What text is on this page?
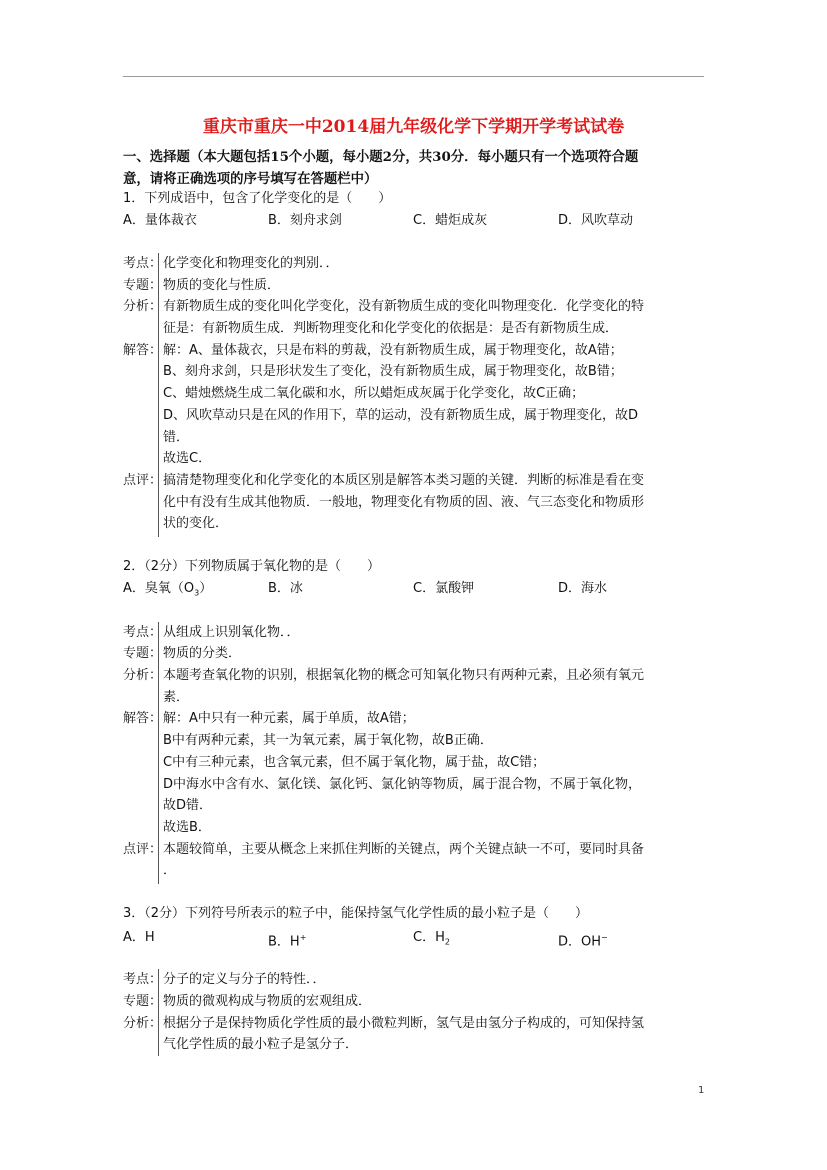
重庆市重庆一中2014届九年级化学下学期开学考试试卷
一、选择题（本大题包括15个小题，每小题2分，共30分．每小题只有一个选项符合题
意，请将正确选项的序号填写在答题栏中）
1．下列成语中，包含了化学变化的是（　　）
A．量体裁衣	B．刻舟求剑	C．蜡炬成灰	D．风吹草动
考点： 化学变化和物理变化的判别．．
专题： 物质的变化与性质．
分析： 有新物质生成的变化叫化学变化，没有新物质生成的变化叫物理变化．化学变化的特
征是：有新物质生成．判断物理变化和化学变化的依据是：是否有新物质生成．
解答： 解：A、量体裁衣，只是布料的剪裁，没有新物质生成，属于物理变化，故A错；
B、刻舟求剑，只是形状发生了变化，没有新物质生成，属于物理变化，故B错；
C、蜡烛燃烧生成二氧化碳和水，所以蜡炬成灰属于化学变化，故C正确；
D、风吹草动只是在风的作用下，草的运动，没有新物质生成，属于物理变化，故D
错．
故选C．
点评： 搞清楚物理变化和化学变化的本质区别是解答本类习题的关键．判断的标准是看在变
化中有没有生成其他物质．一般地，物理变化有物质的固、液、气三态变化和物质形
状的变化．
2．（2分）下列物质属于氧化物的是（　　）
A．臭氧$(O_3)$	B．冰	C．氯酸钾	D．海水
考点： 从组成上识别氧化物．．
专题： 物质的分类．
分析： 本题考查氧化物的识别，根据氧化物的概念可知氧化物只有两种元素，且必须有氧元
素．
解答： 解：A中只有一种元素，属于单质，故A错；
B中有两种元素，其一为氧元素，属于氧化物，故B正确．
C中有三种元素，也含氧元素，但不属于氧化物，属于盐，故C错；
D中海水中含有水、氯化镁、氯化钙、氯化钠等物质，属于混合物，不属于氧化物，
故D错．
故选B．
点评： 本题较简单，主要从概念上来抓住判断的关键点，两个关键点缺一不可，要同时具备
．
3．（2分）下列符号所表示的粒子中，能保持氢气化学性质的最小粒子是（　　）
A．H	B．H+	C．$H_2$	D．OH−
考点： 分子的定义与分子的特性．．
专题： 物质的微观构成与物质的宏观组成．
分析： 根据分子是保持物质化学性质的最小微粒判断，氢气是由氢分子构成的，可知保持氢
气化学性质的最小粒子是氢分子．
1
